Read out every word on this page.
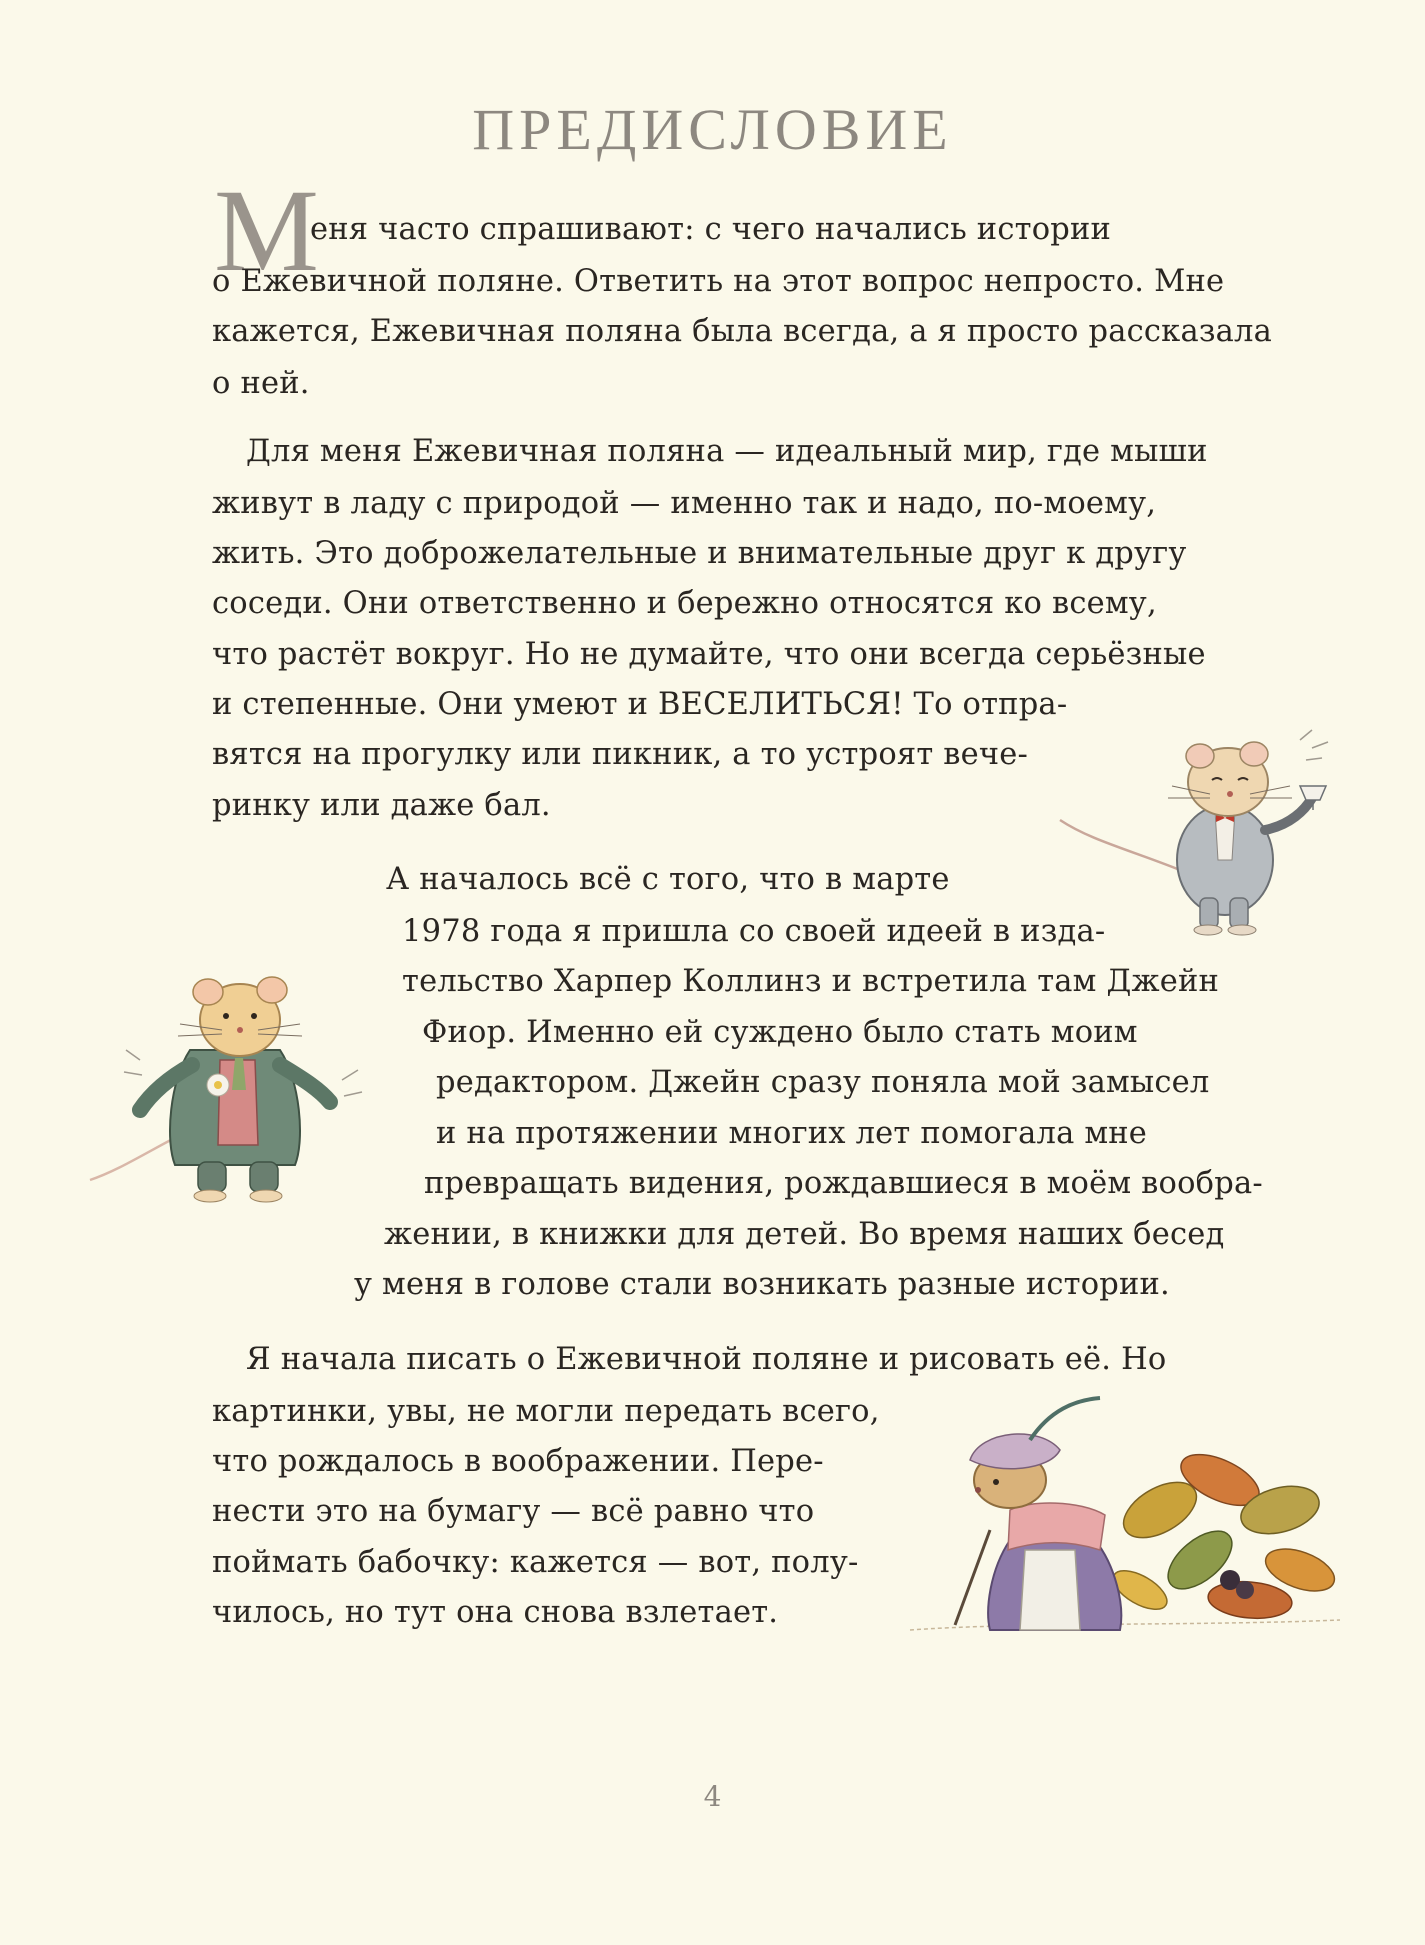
ПРЕДИСЛОВИЕ
М
еня часто спрашивают: с чего начались истории
о Ежевичной поляне. Ответить на этот вопрос непросто. Мне
кажется, Ежевичная поляна была всегда, а я просто рассказала
о ней.
Для меня Ежевичная поляна — идеальный мир, где мыши
живут в ладу с природой — именно так и надо, по-моему,
жить. Это доброжелательные и внимательные друг к другу
соседи. Они ответственно и бережно относятся ко всему,
что растёт вокруг. Но не думайте, что они всегда серьёзные
и степенные. Они умеют и ВЕСЕЛИТЬСЯ! То отпра-
вятся на прогулку или пикник, а то устроят вече-
ринку или даже бал.
А началось всё с того, что в марте
1978 года я пришла со своей идеей в изда-
тельство Харпер Коллинз и встретила там Джейн
Фиор. Именно ей суждено было стать моим
редактором. Джейн сразу поняла мой замысел
и на протяжении многих лет помогала мне
превращать видения, рождавшиеся в моём вообра-
жении, в книжки для детей. Во время наших бесед
у меня в голове стали возникать разные истории.
Я начала писать о Ежевичной поляне и рисовать её. Но
картинки, увы, не могли передать всего,
что рождалось в воображении. Пере-
нести это на бумагу — всё равно что
поймать бабочку: кажется — вот, полу-
чилось, но тут она снова взлетает.
4
